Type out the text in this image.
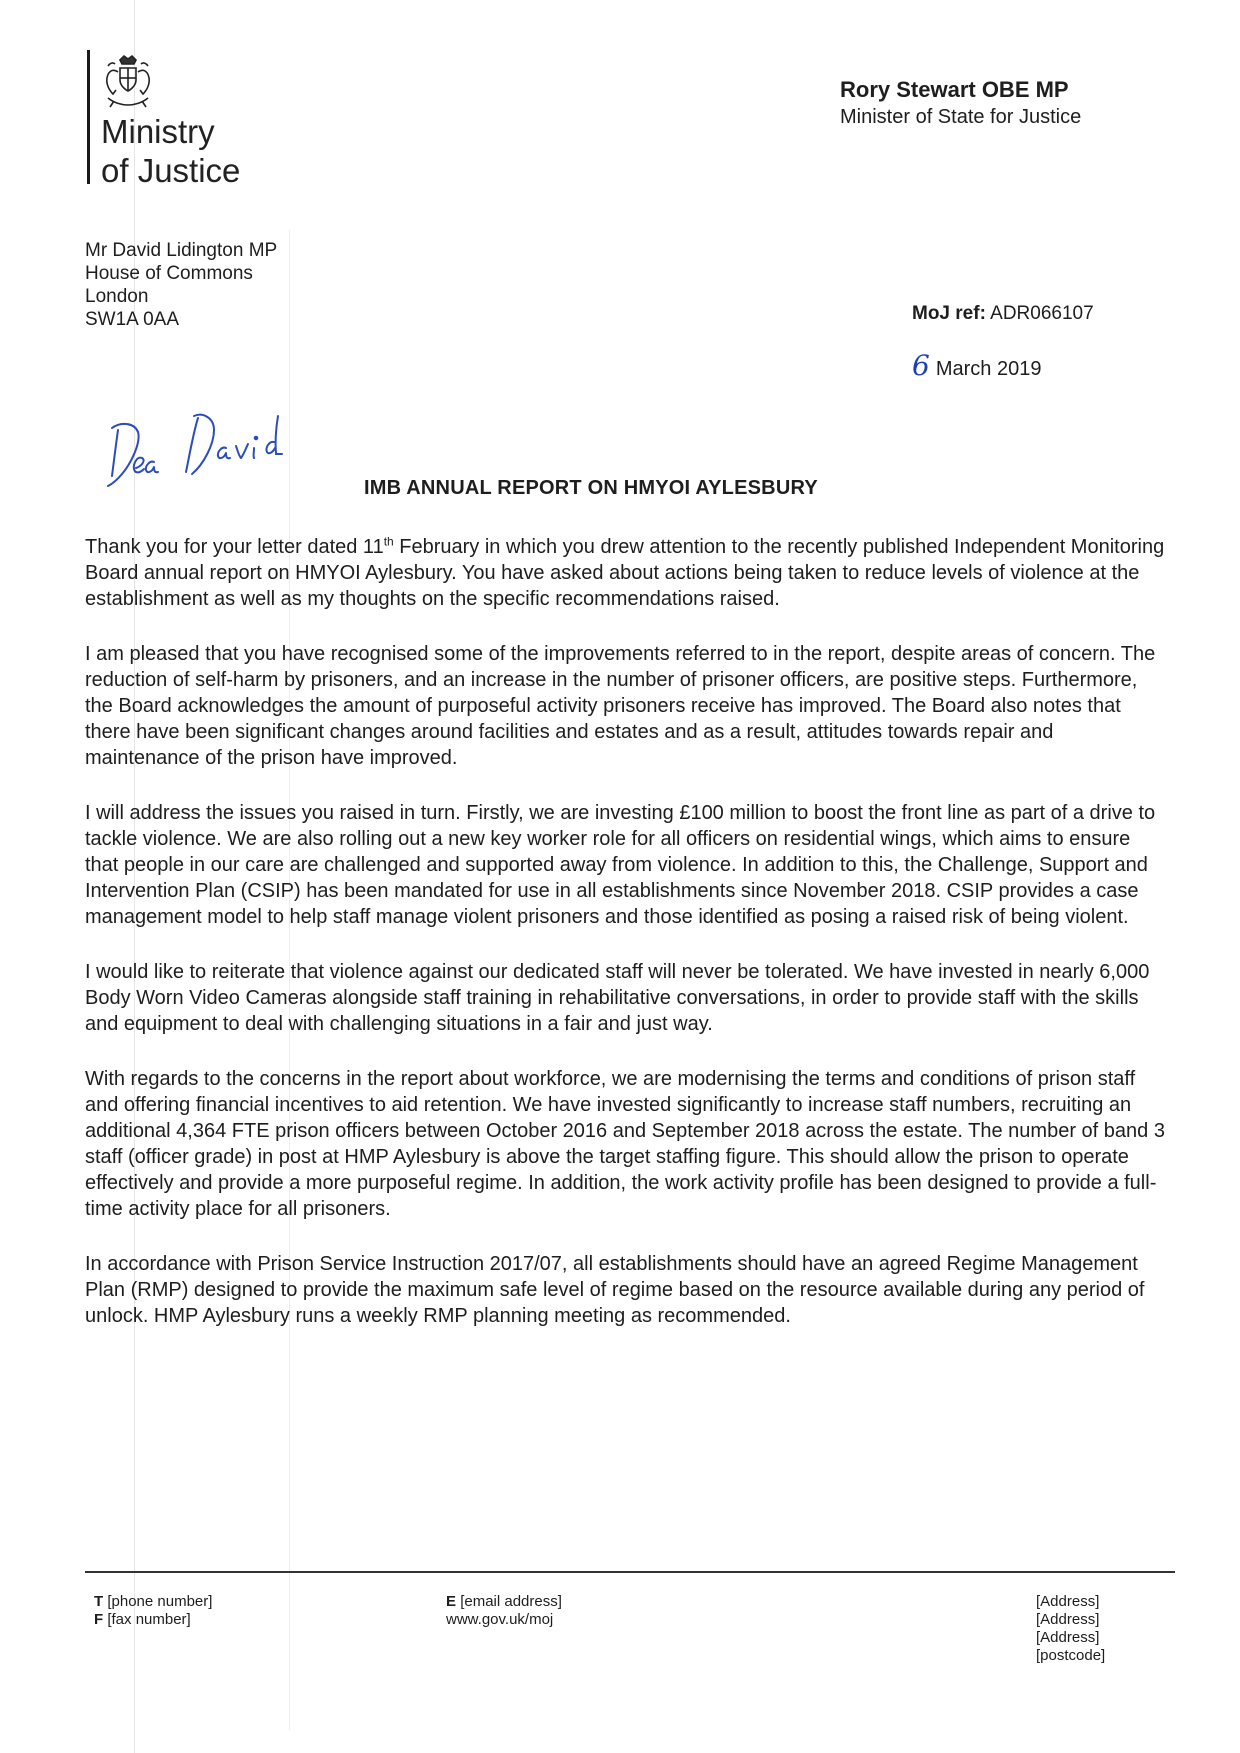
Ministry
of Justice
Rory Stewart OBE MP
Minister of State for Justice
Mr David Lidington MP
House of Commons
London
SW1A 0AA	MoJ ref: ADR066107
6 March 2019
IMB ANNUAL REPORT ON HMYOI AYLESBURY

Thank you for your letter dated 11th February in which you drew attention to the recently published Independent Monitoring Board annual report on HMYOI Aylesbury. You have asked about actions being taken to reduce levels of violence at the establishment as well as my thoughts on the specific recommendations raised.

I am pleased that you have recognised some of the improvements referred to in the report, despite areas of concern. The reduction of self-harm by prisoners, and an increase in the number of prisoner officers, are positive steps. Furthermore, the Board acknowledges the amount of purposeful activity prisoners receive has improved. The Board also notes that there have been significant changes around facilities and estates and as a result, attitudes towards repair and maintenance of the prison have improved.

I will address the issues you raised in turn. Firstly, we are investing £100 million to boost the front line as part of a drive to tackle violence. We are also rolling out a new key worker role for all officers on residential wings, which aims to ensure that people in our care are challenged and supported away from violence. In addition to this, the Challenge, Support and Intervention Plan (CSIP) has been mandated for use in all establishments since November 2018. CSIP provides a case management model to help staff manage violent prisoners and those identified as posing a raised risk of being violent.

I would like to reiterate that violence against our dedicated staff will never be tolerated. We have invested in nearly 6,000 Body Worn Video Cameras alongside staff training in rehabilitative conversations, in order to provide staff with the skills and equipment to deal with challenging situations in a fair and just way.

With regards to the concerns in the report about workforce, we are modernising the terms and conditions of prison staff and offering financial incentives to aid retention. We have invested significantly to increase staff numbers, recruiting an additional 4,364 FTE prison officers between October 2016 and September 2018 across the estate. The number of band 3 staff (officer grade) in post at HMP Aylesbury is above the target staffing figure. This should allow the prison to operate effectively and provide a more purposeful regime. In addition, the work activity profile has been designed to provide a full-time activity place for all prisoners.

In accordance with Prison Service Instruction 2017/07, all establishments should have an agreed Regime Management Plan (RMP) designed to provide the maximum safe level of regime based on the resource available during any period of unlock. HMP Aylesbury runs a weekly RMP planning meeting as recommended.

T [phone number]
F [fax number]
E [email address]
www.gov.uk/moj
[Address]
[Address]
[Address]
[postcode]
